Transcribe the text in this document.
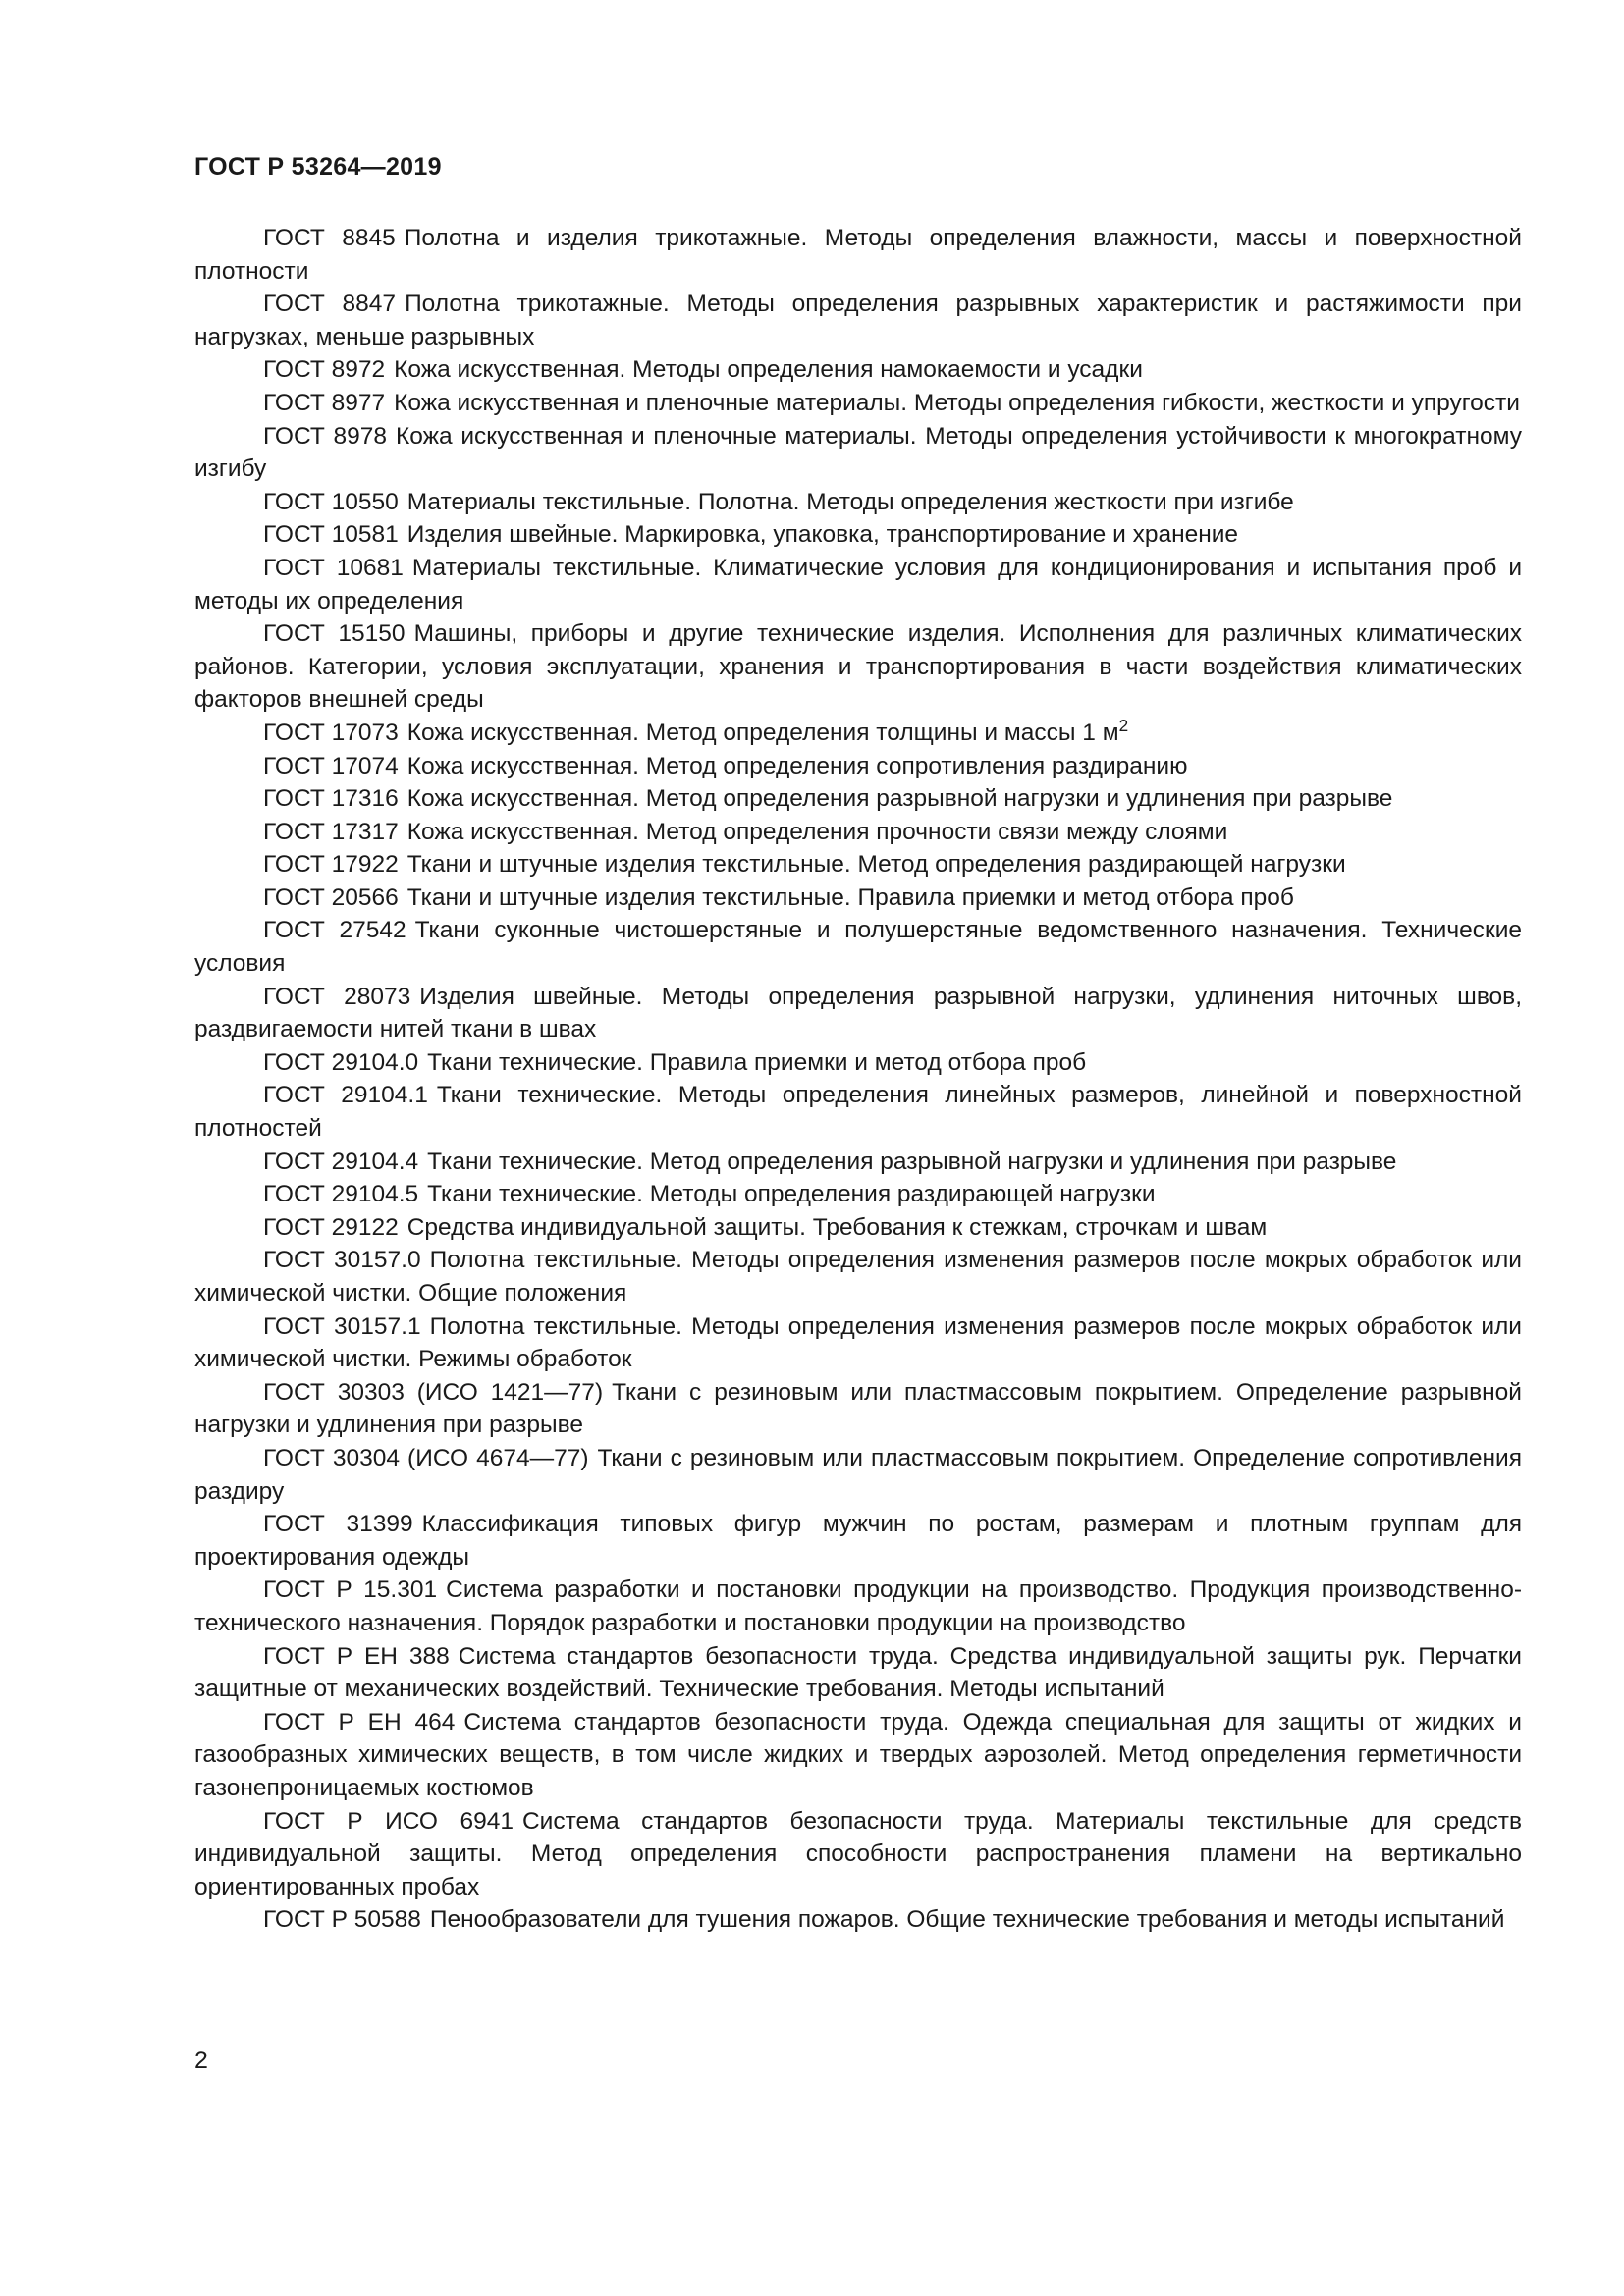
ГОСТ Р 53264—2019
ГОСТ 8845 Полотна и изделия трикотажные. Методы определения влажности, массы и поверхностной плотности
ГОСТ 8847 Полотна трикотажные. Методы определения разрывных характеристик и растяжимости при нагрузках, меньше разрывных
ГОСТ 8972 Кожа искусственная. Методы определения намокаемости и усадки
ГОСТ 8977 Кожа искусственная и пленочные материалы. Методы определения гибкости, жесткости и упругости
ГОСТ 8978 Кожа искусственная и пленочные материалы. Методы определения устойчивости к многократному изгибу
ГОСТ 10550 Материалы текстильные. Полотна. Методы определения жесткости при изгибе
ГОСТ 10581 Изделия швейные. Маркировка, упаковка, транспортирование и хранение
ГОСТ 10681 Материалы текстильные. Климатические условия для кондиционирования и испытания проб и методы их определения
ГОСТ 15150 Машины, приборы и другие технические изделия. Исполнения для различных климатических районов. Категории, условия эксплуатации, хранения и транспортирования в части воздействия климатических факторов внешней среды
ГОСТ 17073 Кожа искусственная. Метод определения толщины и массы 1 $м^2$
ГОСТ 17074 Кожа искусственная. Метод определения сопротивления раздиранию
ГОСТ 17316 Кожа искусственная. Метод определения разрывной нагрузки и удлинения при разрыве
ГОСТ 17317 Кожа искусственная. Метод определения прочности связи между слоями
ГОСТ 17922 Ткани и штучные изделия текстильные. Метод определения раздирающей нагрузки
ГОСТ 20566 Ткани и штучные изделия текстильные. Правила приемки и метод отбора проб
ГОСТ 27542 Ткани суконные чистошерстяные и полушерстяные ведомственного назначения. Технические условия
ГОСТ 28073 Изделия швейные. Методы определения разрывной нагрузки, удлинения ниточных швов, раздвигаемости нитей ткани в швах
ГОСТ 29104.0 Ткани технические. Правила приемки и метод отбора проб
ГОСТ 29104.1 Ткани технические. Методы определения линейных размеров, линейной и поверхностной плотностей
ГОСТ 29104.4 Ткани технические. Метод определения разрывной нагрузки и удлинения при разрыве
ГОСТ 29104.5 Ткани технические. Методы определения раздирающей нагрузки
ГОСТ 29122 Средства индивидуальной защиты. Требования к стежкам, строчкам и швам
ГОСТ 30157.0 Полотна текстильные. Методы определения изменения размеров после мокрых обработок или химической чистки. Общие положения
ГОСТ 30157.1 Полотна текстильные. Методы определения изменения размеров после мокрых обработок или химической чистки. Режимы обработок
ГОСТ 30303 (ИСО 1421—77) Ткани с резиновым или пластмассовым покрытием. Определение разрывной нагрузки и удлинения при разрыве
ГОСТ 30304 (ИСО 4674—77) Ткани с резиновым или пластмассовым покрытием. Определение сопротивления раздиру
ГОСТ 31399 Классификация типовых фигур мужчин по ростам, размерам и плотным группам для проектирования одежды
ГОСТ Р 15.301 Система разработки и постановки продукции на производство. Продукция производственно-технического назначения. Порядок разработки и постановки продукции на производство
ГОСТ Р ЕН 388 Система стандартов безопасности труда. Средства индивидуальной защиты рук. Перчатки защитные от механических воздействий. Технические требования. Методы испытаний
ГОСТ Р ЕН 464 Система стандартов безопасности труда. Одежда специальная для защиты от жидких и газообразных химических веществ, в том числе жидких и твердых аэрозолей. Метод определения герметичности газонепроницаемых костюмов
ГОСТ Р ИСО 6941 Система стандартов безопасности труда. Материалы текстильные для средств индивидуальной защиты. Метод определения способности распространения пламени на вертикально ориентированных пробах
ГОСТ Р 50588 Пенообразователи для тушения пожаров. Общие технические требования и методы испытаний
2
